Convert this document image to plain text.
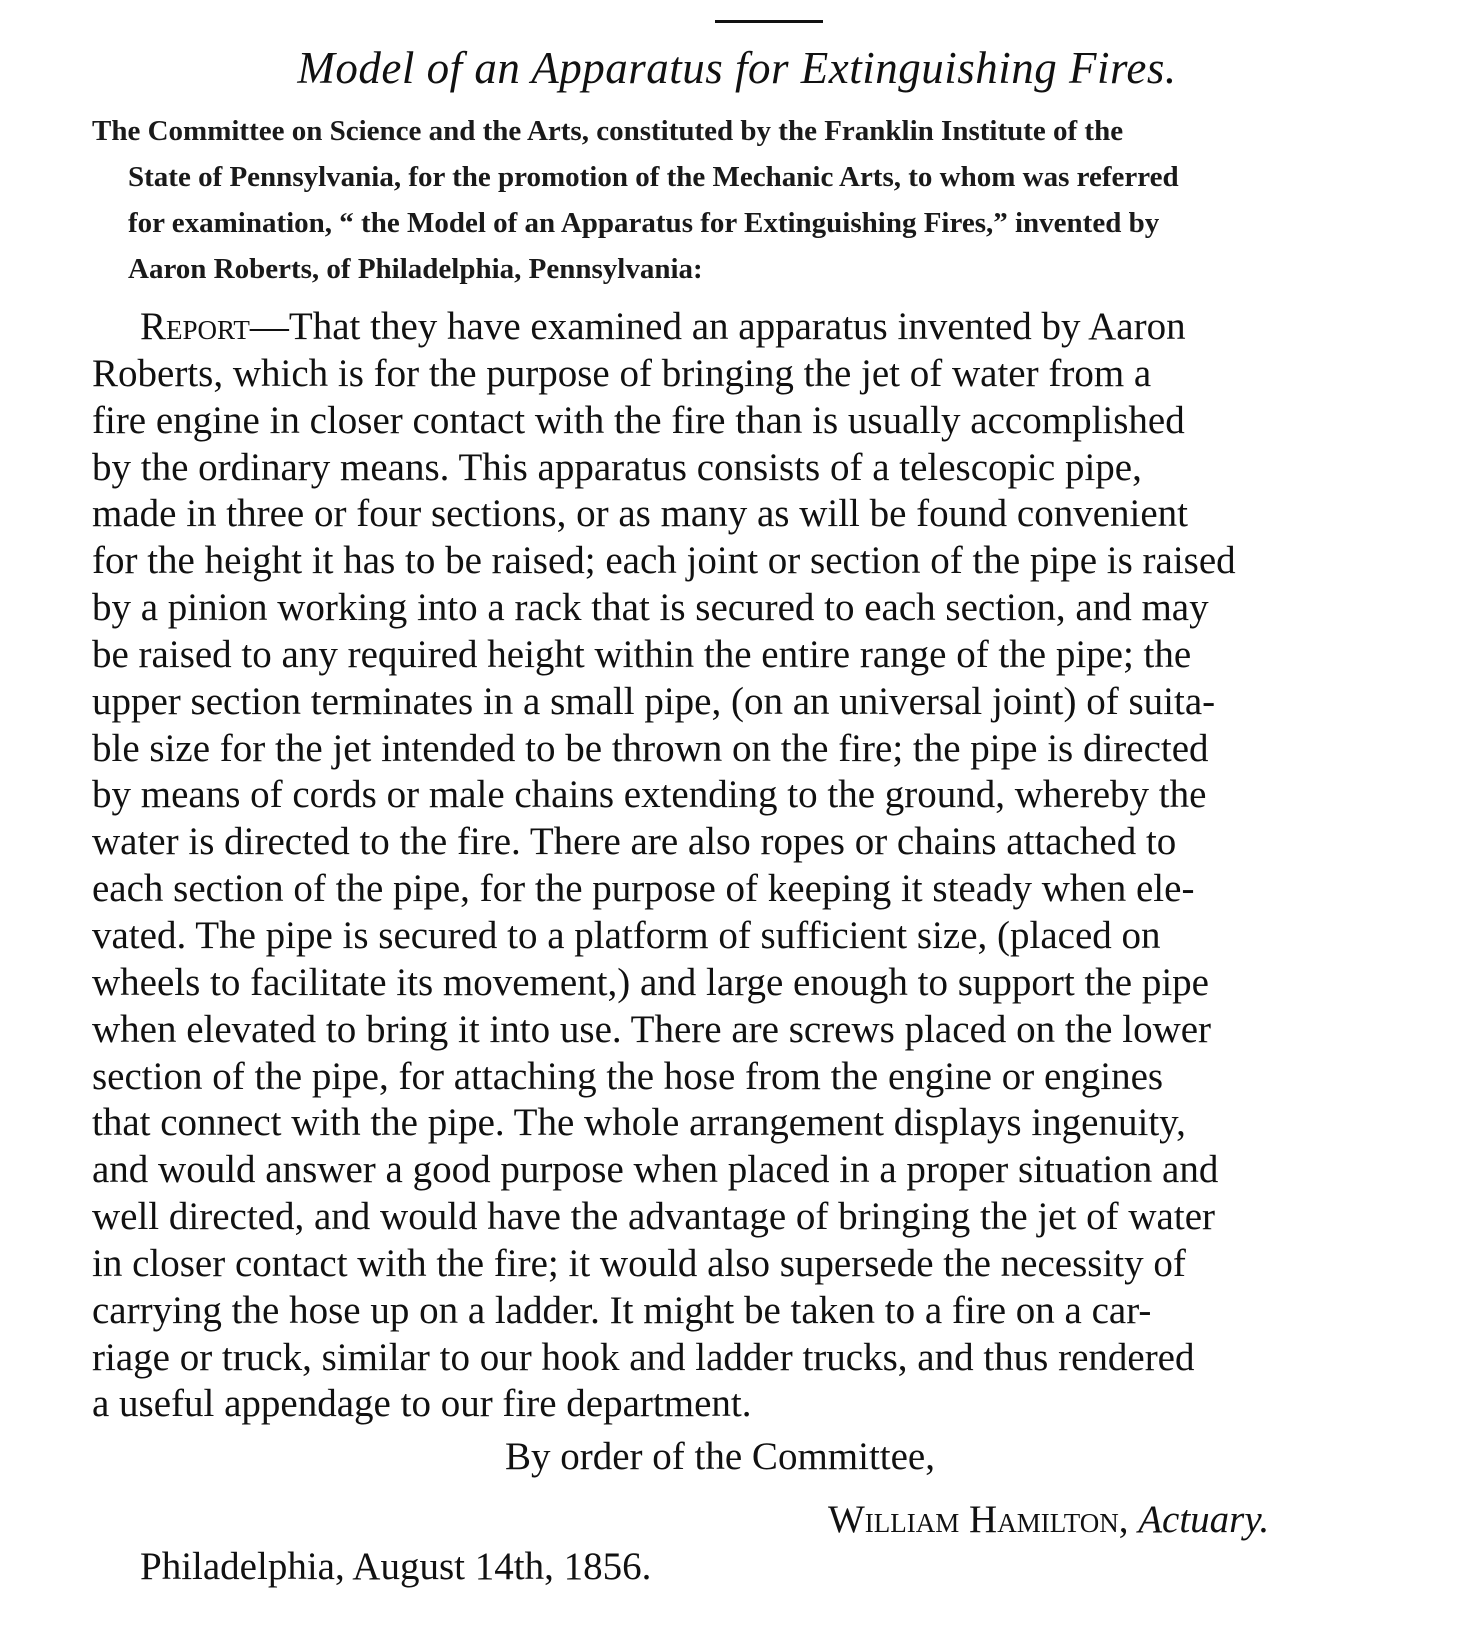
Model of an Apparatus for Extinguishing Fires.
The Committee on Science and the Arts, constituted by the Franklin Institute of the
State of Pennsylvania, for the promotion of the Mechanic Arts, to whom was referred
for examination, “ the Model of an Apparatus for Extinguishing Fires,” invented by
Aaron Roberts, of Philadelphia, Pennsylvania:
Report—That they have examined an apparatus invented by Aaron
Roberts, which is for the purpose of bringing the jet of water from a
fire engine in closer contact with the fire than is usually accomplished
by the ordinary means. This apparatus consists of a telescopic pipe,
made in three or four sections, or as many as will be found convenient
for the height it has to be raised; each joint or section of the pipe is raised
by a pinion working into a rack that is secured to each section, and may
be raised to any required height within the entire range of the pipe; the
upper section terminates in a small pipe, (on an universal joint) of suita-
ble size for the jet intended to be thrown on the fire; the pipe is directed
by means of cords or male chains extending to the ground, whereby the
water is directed to the fire. There are also ropes or chains attached to
each section of the pipe, for the purpose of keeping it steady when ele-
vated. The pipe is secured to a platform of sufficient size, (placed on
wheels to facilitate its movement,) and large enough to support the pipe
when elevated to bring it into use. There are screws placed on the lower
section of the pipe, for attaching the hose from the engine or engines
that connect with the pipe. The whole arrangement displays ingenuity,
and would answer a good purpose when placed in a proper situation and
well directed, and would have the advantage of bringing the jet of water
in closer contact with the fire; it would also supersede the necessity of
carrying the hose up on a ladder. It might be taken to a fire on a car-
riage or truck, similar to our hook and ladder trucks, and thus rendered
a useful appendage to our fire department.
By order of the Committee,
William Hamilton, Actuary.
Philadelphia, August 14th, 1856.
